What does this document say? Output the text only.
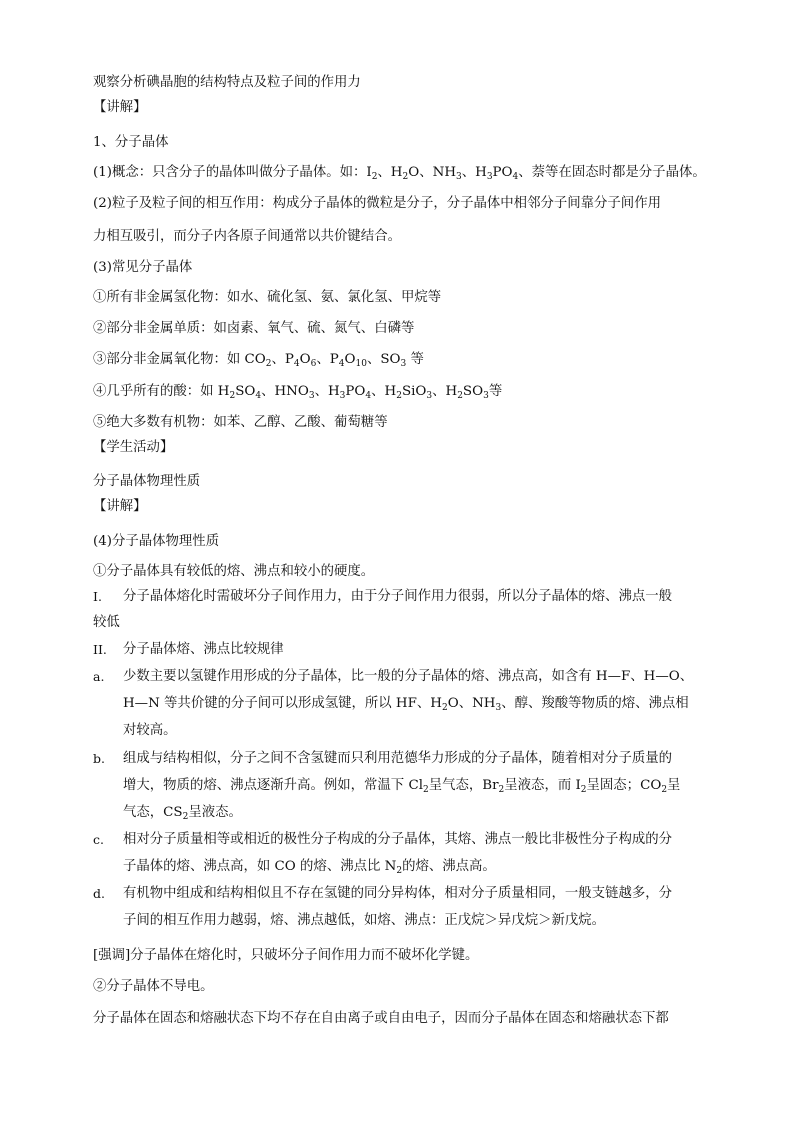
观察分析碘晶胞的结构特点及粒子间的作用力
【讲解】
1、分子晶体
(1)概念：只含分子的晶体叫做分子晶体。如：$I_2$、$H_2O$、$NH_3$、$H_3PO_4$、萘等在固态时都是分子晶体。
(2)粒子及粒子间的相互作用：构成分子晶体的微粒是分子，分子晶体中相邻分子间靠分子间作用
力相互吸引，而分子内各原子间通常以共价键结合。
(3)常见分子晶体
①所有非金属氢化物：如水、硫化氢、氨、氯化氢、甲烷等
②部分非金属单质：如卤素、氧气、硫、氮气、白磷等
③部分非金属氧化物：如 $CO_2$、$P_4O_6$、$P_4O_{10}$、$SO_3$ 等
④几乎所有的酸：如 $H_2SO_4$、$HNO_3$、$H_3PO_4$、$H_2SiO_3$、$H_2SO_3$等
⑤绝大多数有机物：如苯、乙醇、乙酸、葡萄糖等
【学生活动】
分子晶体物理性质
【讲解】
(4)分子晶体物理性质
①分子晶体具有较低的熔、沸点和较小的硬度。
I. 分子晶体熔化时需破坏分子间作用力，由于分子间作用力很弱，所以分子晶体的熔、沸点一般
较低
II. 分子晶体熔、沸点比较规律
a. 少数主要以氢键作用形成的分子晶体，比一般的分子晶体的熔、沸点高，如含有 H—F、H—O、
H—N 等共价键的分子间可以形成氢键，所以 HF、$H_2O$、$NH_3$、醇、羧酸等物质的熔、沸点相
对较高。
b. 组成与结构相似，分子之间不含氢键而只利用范德华力形成的分子晶体，随着相对分子质量的
增大，物质的熔、沸点逐渐升高。例如，常温下 $Cl_2$呈气态，$Br_2$呈液态，而 $I_2$呈固态；$CO_2$呈
气态，$CS_2$呈液态。
c. 相对分子质量相等或相近的极性分子构成的分子晶体，其熔、沸点一般比非极性分子构成的分
子晶体的熔、沸点高，如 CO 的熔、沸点比 $N_2$的熔、沸点高。
d. 有机物中组成和结构相似且不存在氢键的同分异构体，相对分子质量相同，一般支链越多，分
子间的相互作用力越弱，熔、沸点越低，如熔、沸点：正戊烷＞异戊烷＞新戊烷。
[强调]分子晶体在熔化时，只破坏分子间作用力而不破坏化学键。
②分子晶体不导电。
分子晶体在固态和熔融状态下均不存在自由离子或自由电子，因而分子晶体在固态和熔融状态下都
